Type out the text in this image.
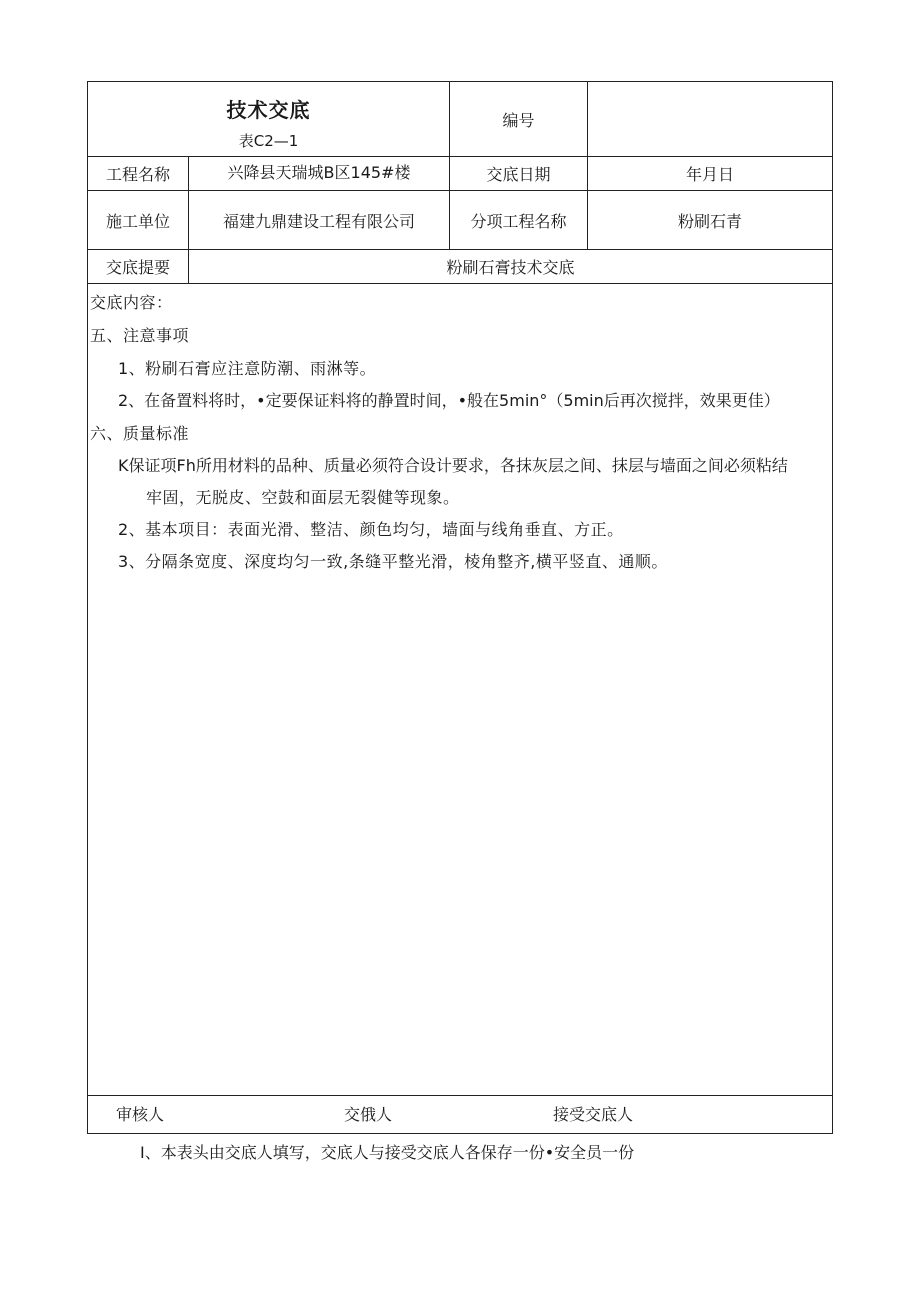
技术交底
表C2—1
编号
工程名称	兴降县天瑞城B区145#楼	交底日期	年月日
施工单位	福建九鼎建设工程有限公司	分项工程名称	粉刷石青
交底提要	粉刷石膏技术交底
交底内容：
五、注意事项
1、粉刷石膏应注意防潮、雨淋等。
2、在备置料将时，•定要保证料将的静置时间，•般在5min°（5min后再次搅拌，效果更佳）
六、质量标准
K保证项Fh所用材料的品种、质量必须符合设计要求，各抹灰层之间、抹层与墙面之间必须粘结
牢固，无脱皮、空鼓和面层无裂健等现象。
2、基本项目：表面光滑、整洁、颜色均匀，墙面与线角垂直、方正。
3、分隔条宽度、深度均匀一致,条缝平整光滑，棱角整齐,横平竖直、通顺。
审核人	交俄人	接受交底人
I、本表头由交底人填写，交底人与接受交底人各保存一份•安全员一份
